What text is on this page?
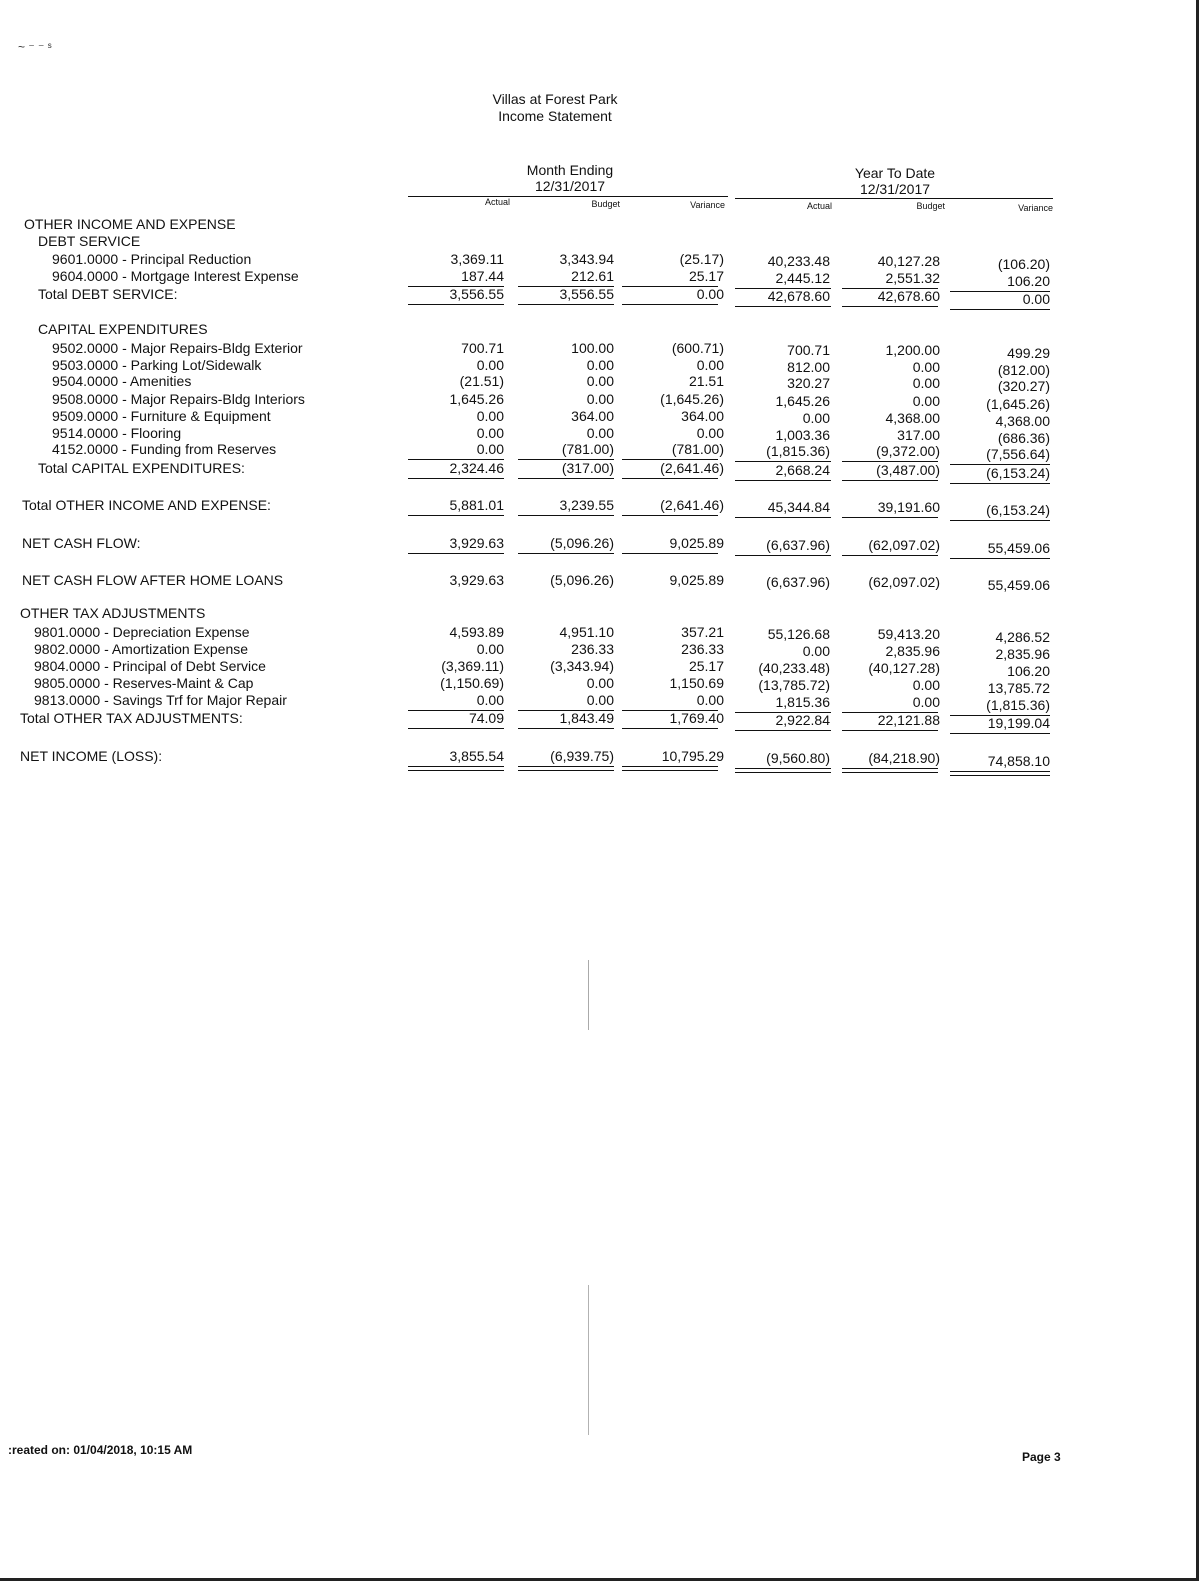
~ ⁻ ⁻ ˢ
Villas at Forest Park
Income Statement
Month Ending
12/31/2017
Year To Date
12/31/2017
Actual	Budget	Variance	Actual	Budget	Variance
OTHER INCOME AND EXPENSE
DEBT SERVICE
9601.0000 - Principal Reduction	3,369.11	3,343.94	(25.17)	40,233.48	40,127.28	(106.20)
9604.0000 - Mortgage Interest Expense	187.44	212.61	25.17	2,445.12	2,551.32	106.20
Total DEBT SERVICE:	3,556.55	3,556.55	0.00	42,678.60	42,678.60	0.00
CAPITAL EXPENDITURES
9502.0000 - Major Repairs-Bldg Exterior	700.71	100.00	(600.71)	700.71	1,200.00	499.29
9503.0000 - Parking Lot/Sidewalk	0.00	0.00	0.00	812.00	0.00	(812.00)
9504.0000 - Amenities	(21.51)	0.00	21.51	320.27	0.00	(320.27)
9508.0000 - Major Repairs-Bldg Interiors	1,645.26	0.00	(1,645.26)	1,645.26	0.00	(1,645.26)
9509.0000 - Furniture & Equipment	0.00	364.00	364.00	0.00	4,368.00	4,368.00
9514.0000 - Flooring	0.00	0.00	0.00	1,003.36	317.00	(686.36)
4152.0000 - Funding from Reserves	0.00	(781.00)	(781.00)	(1,815.36)	(9,372.00)	(7,556.64)
Total CAPITAL EXPENDITURES:	2,324.46	(317.00)	(2,641.46)	2,668.24	(3,487.00)	(6,153.24)
Total OTHER INCOME AND EXPENSE:	5,881.01	3,239.55	(2,641.46)	45,344.84	39,191.60	(6,153.24)
NET CASH FLOW:	3,929.63	(5,096.26)	9,025.89	(6,637.96)	(62,097.02)	55,459.06
NET CASH FLOW AFTER HOME LOANS	3,929.63	(5,096.26)	9,025.89	(6,637.96)	(62,097.02)	55,459.06
OTHER TAX ADJUSTMENTS
9801.0000 - Depreciation Expense	4,593.89	4,951.10	357.21	55,126.68	59,413.20	4,286.52
9802.0000 - Amortization Expense	0.00	236.33	236.33	0.00	2,835.96	2,835.96
9804.0000 - Principal of Debt Service	(3,369.11)	(3,343.94)	25.17	(40,233.48)	(40,127.28)	106.20
9805.0000 - Reserves-Maint & Cap	(1,150.69)	0.00	1,150.69	(13,785.72)	0.00	13,785.72
9813.0000 - Savings Trf for Major Repair	0.00	0.00	0.00	1,815.36	0.00	(1,815.36)
Total OTHER TAX ADJUSTMENTS:	74.09	1,843.49	1,769.40	2,922.84	22,121.88	19,199.04
NET INCOME (LOSS):	3,855.54	(6,939.75)	10,795.29	(9,560.80)	(84,218.90)	74,858.10
:reated on: 01/04/2018, 10:15 AM	Page 3
